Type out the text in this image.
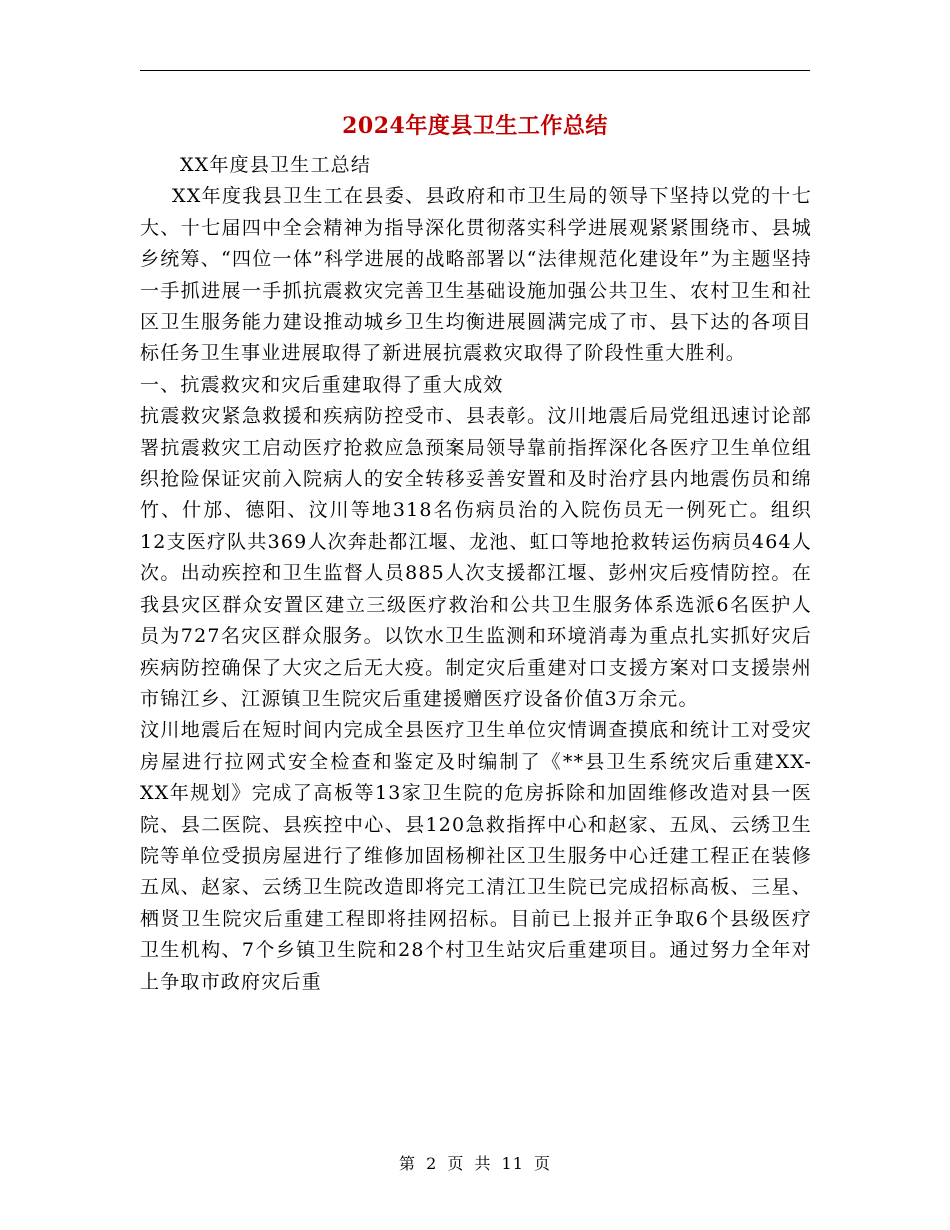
2024年度县卫生工作总结

XX年度县卫生工总结

XX年度我县卫生工在县委、县政府和市卫生局的领导下坚持以党的十七大、十七届四中全会精神为指导深化贯彻落实科学进展观紧紧围绕市、县城乡统筹、“四位一体”科学进展的战略部署以“法律规范化建设年”为主题坚持一手抓进展一手抓抗震救灾完善卫生基础设施加强公共卫生、农村卫生和社区卫生服务能力建设推动城乡卫生均衡进展圆满完成了市、县下达的各项目标任务卫生事业进展取得了新进展抗震救灾取得了阶段性重大胜利。

一、抗震救灾和灾后重建取得了重大成效

抗震救灾紧急救援和疾病防控受市、县表彰。汶川地震后局党组迅速讨论部署抗震救灾工启动医疗抢救应急预案局领导靠前指挥深化各医疗卫生单位组织抢险保证灾前入院病人的安全转移妥善安置和及时治疗县内地震伤员和绵竹、什邡、德阳、汶川等地318名伤病员治的入院伤员无一例死亡。组织12支医疗队共369人次奔赴都江堰、龙池、虹口等地抢救转运伤病员464人次。出动疾控和卫生监督人员885人次支援都江堰、彭州灾后疫情防控。在我县灾区群众安置区建立三级医疗救治和公共卫生服务体系选派6名医护人员为727名灾区群众服务。以饮水卫生监测和环境消毒为重点扎实抓好灾后疾病防控确保了大灾之后无大疫。制定灾后重建对口支援方案对口支援崇州市锦江乡、江源镇卫生院灾后重建援赠医疗设备价值3万余元。

汶川地震后在短时间内完成全县医疗卫生单位灾情调查摸底和统计工对受灾房屋进行拉网式安全检查和鉴定及时编制了《**县卫生系统灾后重建XX-XX年规划》完成了高板等13家卫生院的危房拆除和加固维修改造对县一医院、县二医院、县疾控中心、县120急救指挥中心和赵家、五凤、云绣卫生院等单位受损房屋进行了维修加固杨柳社区卫生服务中心迁建工程正在装修五凤、赵家、云绣卫生院改造即将完工清江卫生院已完成招标高板、三星、栖贤卫生院灾后重建工程即将挂网招标。目前已上报并正争取6个县级医疗卫生机构、7个乡镇卫生院和28个村卫生站灾后重建项目。通过努力全年对上争取市政府灾后重

第 2 页 共 11 页
